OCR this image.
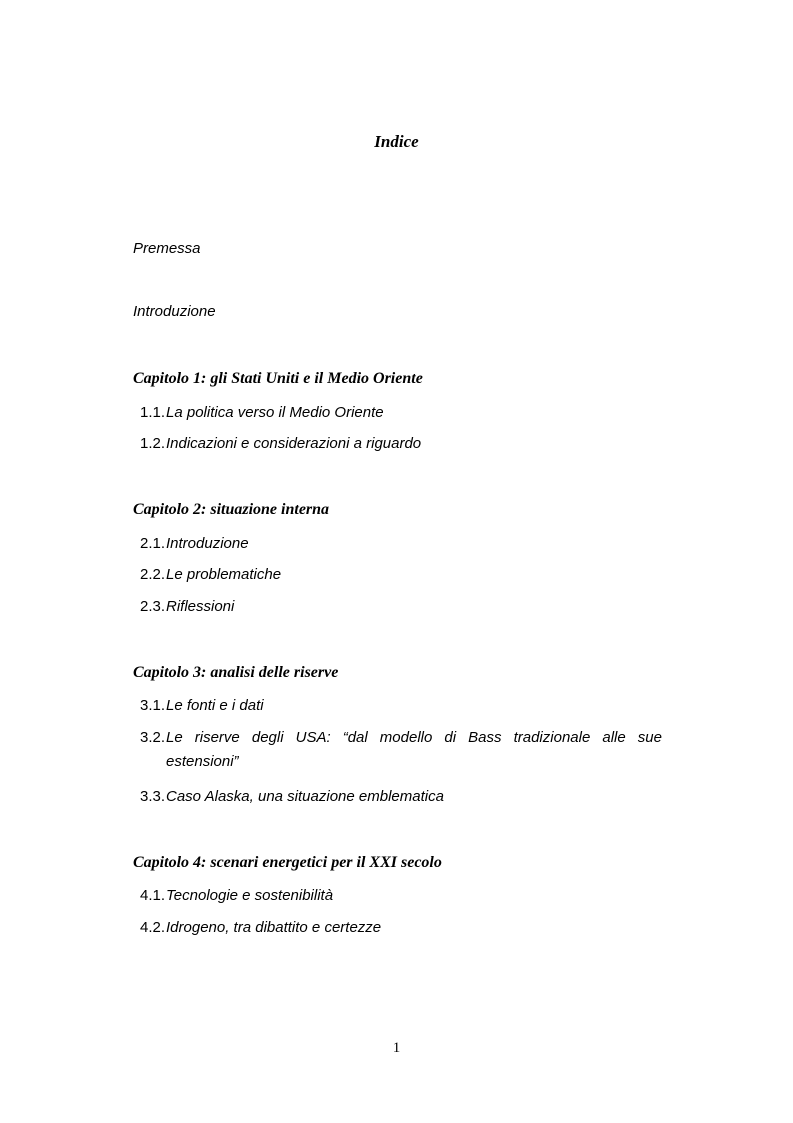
Indice
Premessa
Introduzione
Capitolo 1: gli Stati Uniti e il Medio Oriente
1.1.La politica verso il Medio Oriente
1.2.Indicazioni e considerazioni a riguardo
Capitolo 2: situazione interna
2.1.Introduzione
2.2.Le problematiche
2.3.Riflessioni
Capitolo 3: analisi delle riserve
3.1.Le fonti e i dati
3.2. Le riserve degli USA: “dal modello di Bass tradizionale alle sue
estensioni”
3.3.Caso Alaska, una situazione emblematica
Capitolo 4: scenari energetici per il XXI secolo
4.1.Tecnologie e sostenibilità
4.2.Idrogeno, tra dibattito e certezze
1
